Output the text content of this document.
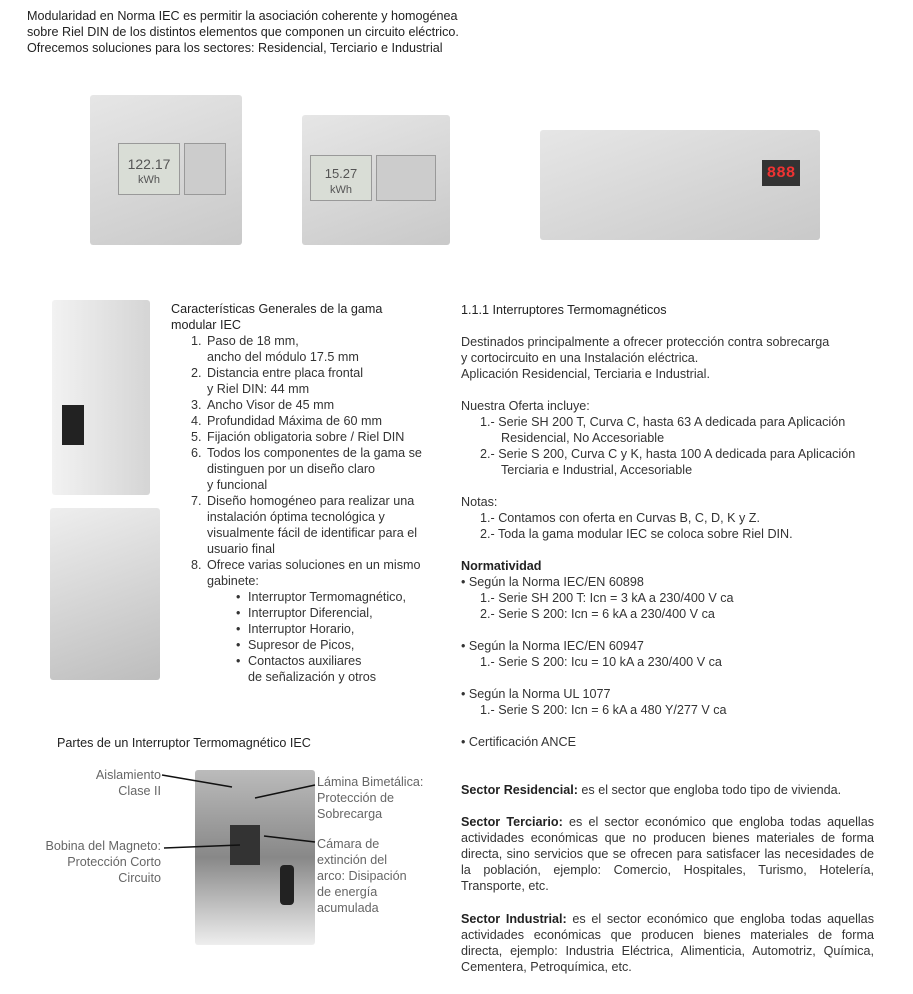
Modularidad en Norma IEC es permitir la asociación coherente y homogénea
sobre Riel DIN de los distintos elementos que componen un circuito eléctrico.
Ofrecemos soluciones para los sectores: Residencial, Terciario e Industrial
122.17
kWh	15.27
kWh
888
Características Generales de la gama
modular IEC
1. Paso de 18 mm,
ancho del módulo 17.5 mm
2. Distancia entre placa frontal
y Riel DIN: 44 mm
3. Ancho Visor de 45 mm
4. Profundidad Máxima de 60 mm
5. Fijación obligatoria sobre / Riel DIN
6. Todos los componentes de la gama se
distinguen por un diseño claro
y funcional
7. Diseño homogéneo para realizar una
instalación óptima tecnológica y
visualmente fácil de identificar para el
usuario final
8. Ofrece varias soluciones en un mismo
gabinete:
• Interruptor Termomagnético,
• Interruptor Diferencial,
• Interruptor Horario,
• Supresor de Picos,
• Contactos auxiliares
de señalización y otros
1.1.1 Interruptores Termomagnéticos
Destinados principalmente a ofrecer protección contra sobrecarga
y cortocircuito en una Instalación eléctrica.
Aplicación Residencial, Terciaria e Industrial.
Nuestra Oferta incluye:
1.- Serie SH 200 T, Curva C, hasta 63 A dedicada para Aplicación Residencial, No Accesoriable
2.- Serie S 200, Curva C y K, hasta 100 A dedicada para Aplicación Terciaria e Industrial, Accesoriable
Notas:
1.- Contamos con oferta en Curvas B, C, D, K y Z.
2.- Toda la gama modular IEC se coloca sobre Riel DIN.
Normatividad
• Según la Norma IEC/EN 60898
1.- Serie SH 200 T: Icn = 3 kA a 230/400 V ca
2.- Serie S 200: Icn = 6 kA a 230/400 V ca
• Según la Norma IEC/EN 60947
1.- Serie S 200: Icu = 10 kA a 230/400 V ca
• Según la Norma UL 1077
1.- Serie S 200: Icn = 6 kA a 480 Y/277 V ca
• Certificación ANCE
Sector Residencial: es el sector que engloba todo tipo de vivienda.
Sector Terciario: es el sector económico que engloba todas aquellas actividades económicas que no producen bienes materiales de forma directa, sino servicios que se ofrecen para satisfacer las necesidades de la población, ejemplo: Comercio, Hospitales, Turismo, Hotelería, Transporte, etc.
Sector Industrial: es el sector económico que engloba todas aquellas actividades económicas que producen bienes materiales de forma directa, ejemplo: Industria Eléctrica, Alimenticia, Automotriz, Química, Cementera, Petroquímica, etc.
Partes de un Interruptor Termomagnético IEC
Aislamiento
Clase II
Bobina del Magneto:
Protección Corto
Circuito
Lámina Bimetálica:
Protección de
Sobrecarga
Cámara de
extinción del
arco: Disipación
de energía
acumulada
